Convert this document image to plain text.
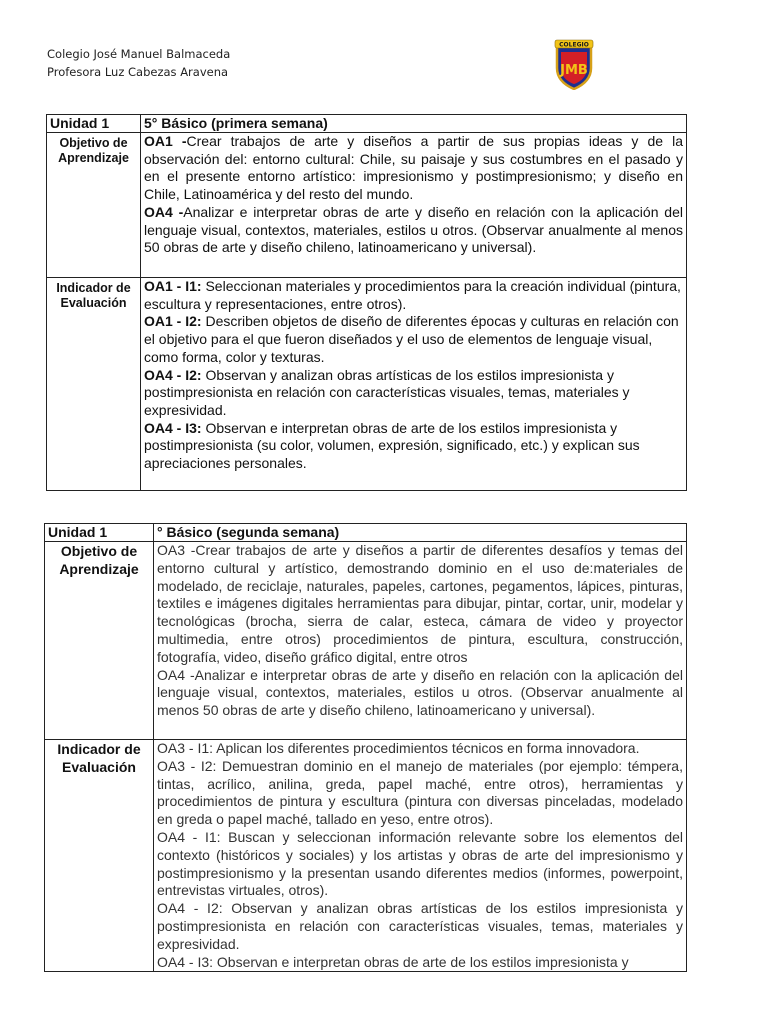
Colegio José Manuel Balmaceda
Profesora Luz Cabezas Aravena
COLEGIO
JMB
Unidad 1	5° Básico (primera semana)
Objetivo de Aprendizaje	OA1 -Crear trabajos de arte y diseños a partir de sus propias ideas y de la observación del: entorno cultural: Chile, su paisaje y sus costumbres en el pasado y en el presente entorno artístico: impresionismo y postimpresionismo; y diseño en Chile, Latinoamérica y del resto del mundo.

OA4 -Analizar e interpretar obras de arte y diseño en relación con la aplicación del lenguaje visual, contextos, materiales, estilos u otros. (Observar anualmente al menos 50 obras de arte y diseño chileno, latinoamericano y universal).

Indicador de Evaluación	OA1 - I1: Seleccionan materiales y procedimientos para la creación individual (pintura, escultura y representaciones, entre otros).

OA1 - I2: Describen objetos de diseño de diferentes épocas y culturas en relación con el objetivo para el que fueron diseñados y el uso de elementos de lenguaje visual, como forma, color y texturas.

OA4 - I2: Observan y analizan obras artísticas de los estilos impresionista y postimpresionista en relación con características visuales, temas, materiales y expresividad.

OA4 - I3: Observan e interpretan obras de arte de los estilos impresionista y postimpresionista (su color, volumen, expresión, significado, etc.) y explican sus apreciaciones personales.

Unidad 1	° Básico (segunda semana)
Objetivo de Aprendizaje	OA3 -Crear trabajos de arte y diseños a partir de diferentes desafíos y temas del entorno cultural y artístico, demostrando dominio en el uso de:materiales de modelado, de reciclaje, naturales, papeles, cartones, pegamentos, lápices, pinturas, textiles e imágenes digitales herramientas para dibujar, pintar, cortar, unir, modelar y tecnológicas (brocha, sierra de calar, esteca, cámara de video y proyector multimedia, entre otros) procedimientos de pintura, escultura, construcción, fotografía, video, diseño gráfico digital, entre otros

OA4 -Analizar e interpretar obras de arte y diseño en relación con la aplicación del lenguaje visual, contextos, materiales, estilos u otros. (Observar anualmente al menos 50 obras de arte y diseño chileno, latinoamericano y universal).

Indicador de Evaluación	OA3 - I1: Aplican los diferentes procedimientos técnicos en forma innovadora.

OA3 - I2: Demuestran dominio en el manejo de materiales (por ejemplo: témpera, tintas, acrílico, anilina, greda, papel maché, entre otros), herramientas y procedimientos de pintura y escultura (pintura con diversas pinceladas, modelado en greda o papel maché, tallado en yeso, entre otros).

OA4 - I1: Buscan y seleccionan información relevante sobre los elementos del contexto (históricos y sociales) y los artistas y obras de arte del impresionismo y postimpresionismo y la presentan usando diferentes medios (informes, powerpoint, entrevistas virtuales, otros).

OA4 - I2: Observan y analizan obras artísticas de los estilos impresionista y postimpresionista en relación con características visuales, temas, materiales y expresividad.

OA4 - I3: Observan e interpretan obras de arte de los estilos impresionista y
